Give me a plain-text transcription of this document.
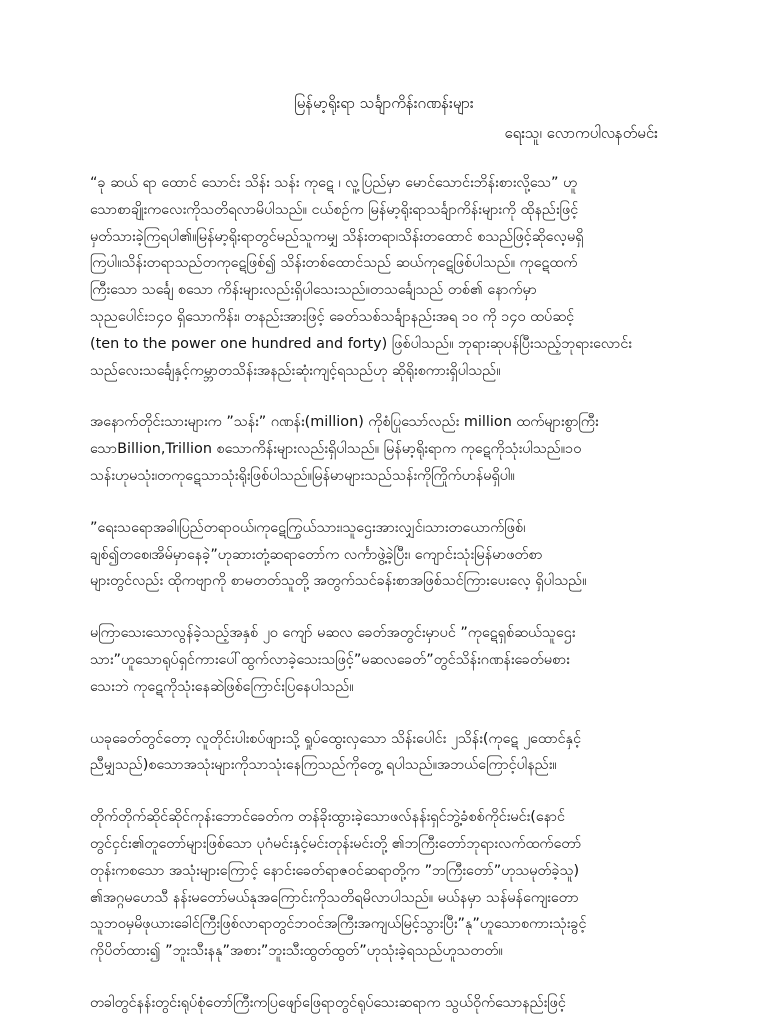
မြန်မာ့ရိုးရာ သင်္ချာကိန်းဂဏန်းများ

ရေးသူ၊ လောကပါလနတ်မင်း

“ခု ဆယ် ရာ ထောင် သောင်း သိန်း သန်း ကုဋေ ၊ လူ့ပြည်မှာ မောင်သောင်းဘိန်းစားလို့သေ” ဟူ
သောစာချိုးကလေးကိုသတိရလာမိပါသည်။ ငယ်စဉ်က မြန်မာ့ရိုးရာသင်္ချာကိန်းများကို ထိုနည်းဖြင့်
မှတ်သားခဲ့ကြရပါ၏။မြန်မာ့ရိုးရာတွင်မည်သူကမျှ သိန်းတရာ၊သိန်းတထောင် စသည်ဖြင့်ဆိုလေ့မရှိ
ကြပါ။သိန်းတရာသည်တကုဋေဖြစ်၍ သိန်းတစ်ထောင်သည် ဆယ်ကုဋေဖြစ်ပါသည်။ ကုဋေထက်
ကြီးသော သင်္ချေ စသော ကိန်းများလည်းရှိပါသေးသည်။တသင်္ချေသည် တစ်၏ နောက်မှာ
သုညပေါင်း၁၄၀ ရှိသောကိန်း၊ တနည်းအားဖြင့် ခေတ်သစ်သင်္ချာနည်းအရ ၁၀ ကို ၁၄၀ ထပ်ဆင့်
(ten to the power one hundred and forty) ဖြစ်ပါသည်။ ဘုရားဆုပန်ပြီးသည့်ဘုရားလောင်း
သည်လေးသင်္ချေနှင့်ကမ္ဘာတသိန်းအနည်းဆုံးကျင့်ရသည်ဟု ဆိုရိုးစကားရှိပါသည်။

အနောက်တိုင်းသားများက ”သန်း” ဂဏန်း(million) ကိုစံပြုသော်လည်း million ထက်များစွာကြီး
သောBillion,Trillion စသောကိန်းများလည်းရှိပါသည်။ မြန်မာ့ရိုးရာက ကုဋေကိုသုံးပါသည်။၁၀
သန်းဟုမသုံး၊တကုဋေသာသုံးရိုးဖြစ်ပါသည်။မြန်မာများသည်သန်းကိုကြိုက်ဟန်မရှိပါ။

”ရေးသရောအခါ၊ပြည်တရာဝယ်၊ကုဋေကြွယ်သား၊သူဌေးအားလျှင်၊သားတယောက်ဖြစ်၊
ချစ်၍တစေ၊အိမ်မှာနေခဲ့”ဟုဆားတုံ့ဆရာတော်က လင်္ကာဖွဲ့ခဲ့ပြီး၊ ကျောင်းသုံးမြန်မာဖတ်စာ
များတွင်လည်း ထိုကဗျာကို စာမတတ်သူတို့ အတွက်သင်ခန်းစာအဖြစ်သင်ကြားပေးလေ့ ရှိပါသည်။

မကြာသေးသောလွန်ခဲ့သည့်အနှစ် ၂၀ ကျော် မဆလ ခေတ်အတွင်းမှာပင် ”ကုဋေရှစ်ဆယ်သူဌေး
သား”ဟူသောရုပ်ရှင်ကားပေါ်ထွက်လာခဲ့သေးသဖြင့်”မဆလခေတ်”တွင်သိန်းဂဏန်းခေတ်မစား
သေးဘဲ ကုဋေကိုသုံးနေဆဲဖြစ်ကြောင်းပြနေပါသည်။

ယခုခေတ်တွင်တော့ လူတိုင်းပါးစပ်ဖျားသို့ ရှုပ်ထွေးလှသော သိန်းပေါင်း ၂သိန်း(ကုဋေ ၂ထောင်နှင့်
ညီမျှသည်)စသောအသုံးများကိုသာသုံးနေကြသည်ကိုတွေ့ ရပါသည်။အဘယ်ကြောင့်ပါနည်း။

တိုက်တိုက်ဆိုင်ဆိုင်ကုန်းဘောင်ခေတ်က တန်ခိုးထွားခဲ့သောဖလ်နန်းရှင်ဘွဲ့ခံစစ်ကိုင်းမင်း(နောင်
တွင်ငှင်း၏တူတော်များဖြစ်သော ပုဂံမင်းနှင့်မင်းတုန်းမင်းတို့ ၏ဘကြီးတော်ဘုရားလက်ထက်တော်
တုန်းကစသော အသုံးများကြောင့် နောင်းခေတ်ရာဇဝင်ဆရာတို့က ”ဘကြီးတော်”ဟုသမုတ်ခဲ့သူ)
၏အဂ္ဂမဟေသီ နန်းမတော်မယ်နုအကြောင်းကိုသတိရမိလာပါသည်။ မယ်နမှာ သန်မန်ကျေးတော
သူဘဝမှမိဖုယားခေါင်ကြီးဖြစ်လာရာတွင်ဘဝင်အကြီးအကျယ်မြင့်သွားပြီး”နု”ဟူသောစကားသုံးခွင့်
ကိုပိတ်ထား၍ ”ဘူးသီးနနု”အစား”ဘူးသီးထွတ်ထွတ်”ဟုသုံးခဲ့ရသည်ဟူသတတ်။

တခါတွင်နန်းတွင်းရုပ်စုံတော်ကြီးကပြဖျော်ဖြေရာတွင်ရုပ်သေးဆရာက သွယ်ဝိုက်သောနည်းဖြင့်
